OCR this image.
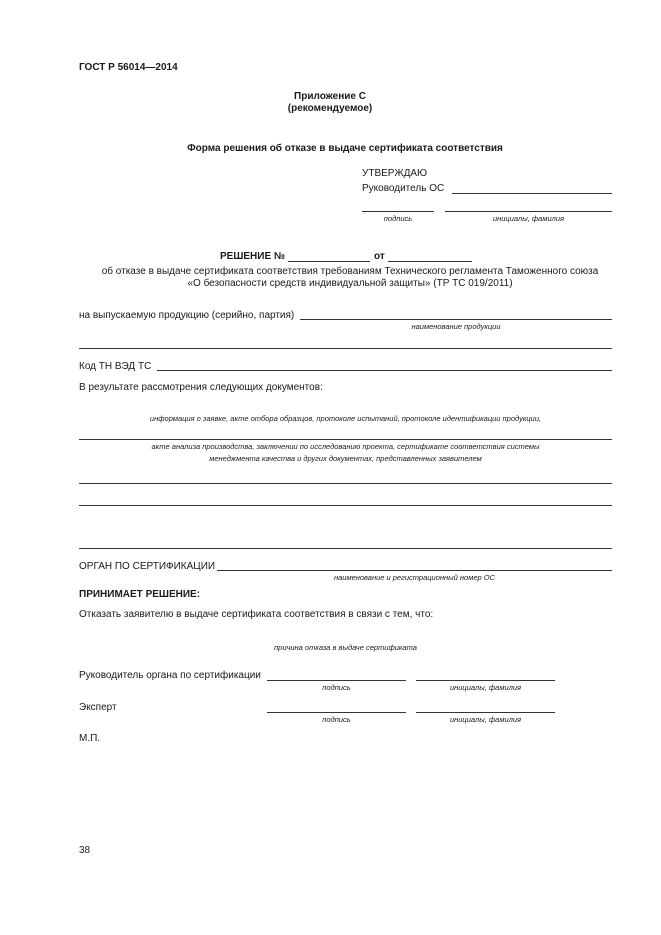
ГОСТ Р 56014—2014
Приложение С
(рекомендуемое)
Форма решения об отказе в выдаче сертификата соответствия
УТВЕРЖДАЮ
Руководитель ОС
подпись	инициалы, фамилия
РЕШЕНИЕ №	от
об отказе в выдаче сертификата соответствия требованиям Технического регламента Таможенного союза
«О безопасности средств индивидуальной защиты» (ТР ТС 019/2011)
на выпускаемую продукцию (серийно, партия)
наименование продукции
Код ТН ВЭД ТС
В результате рассмотрения следующих документов:
информация о заявке, акте отбора образцов, протоколе испытаний, протоколе идентификации продукции,
акте анализа производства, заключении по исследованию проекта, сертификате соответствия системы
менеджмента качества и других документах, представленных заявителем
ОРГАН ПО СЕРТИФИКАЦИИ
наименование и регистрационный номер ОС
ПРИНИМАЕТ РЕШЕНИЕ:
Отказать заявителю в выдаче сертификата соответствия в связи с тем, что:
причина отказа в выдаче сертификата
Руководитель органа по сертификации
подпись	инициалы, фамилия
Эксперт
подпись	инициалы, фамилия
М.П.
38
